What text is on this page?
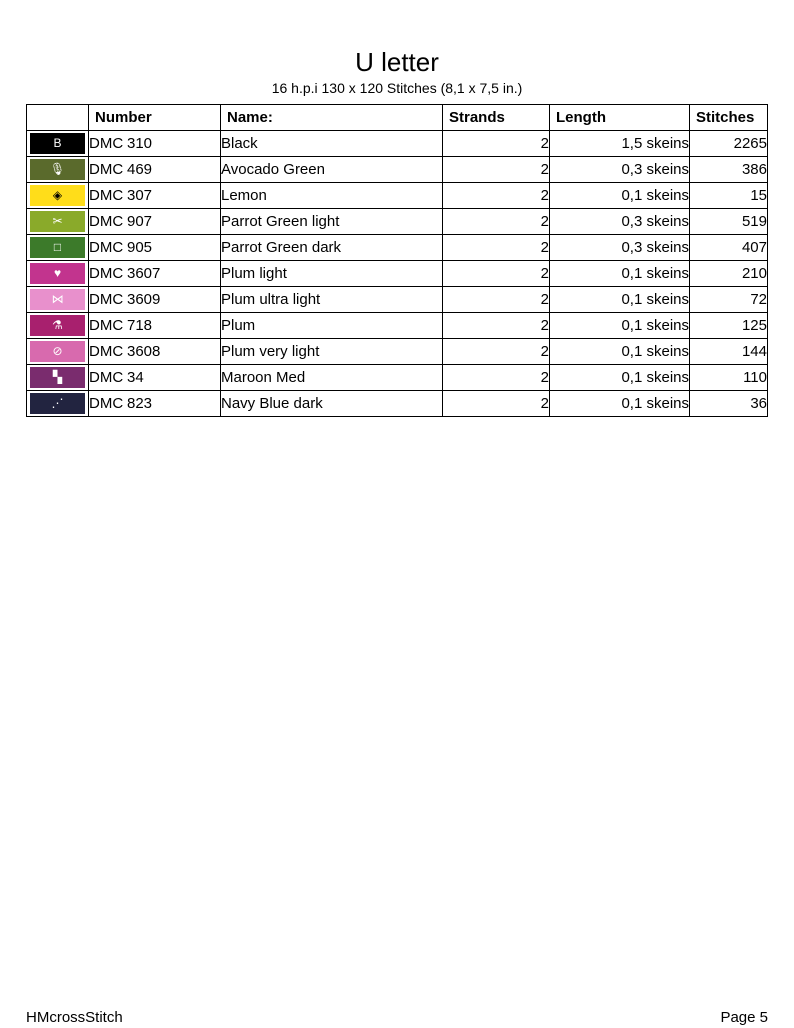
U letter
16 h.p.i 130 x 120 Stitches (8,1 x 7,5 in.)
	Number	Name:	Strands	Length	Stitches

B	DMC 310	Black	2	1,5 skeins	2265

🎙	DMC 469	Avocado Green	2	0,3 skeins	386

◈	DMC 307	Lemon	2	0,1 skeins	15

✂	DMC 907	Parrot Green light	2	0,3 skeins	519

□	DMC 905	Parrot Green dark	2	0,3 skeins	407

♥	DMC 3607	Plum light	2	0,1 skeins	210

⋈	DMC 3609	Plum ultra light	2	0,1 skeins	72

⚗	DMC 718	Plum	2	0,1 skeins	125

⊘	DMC 3608	Plum very light	2	0,1 skeins	144

▚	DMC 34	Maroon Med	2	0,1 skeins	110

⋰	DMC 823	Navy Blue dark	2	0,1 skeins	36
HMcrossStitch	Page 5
